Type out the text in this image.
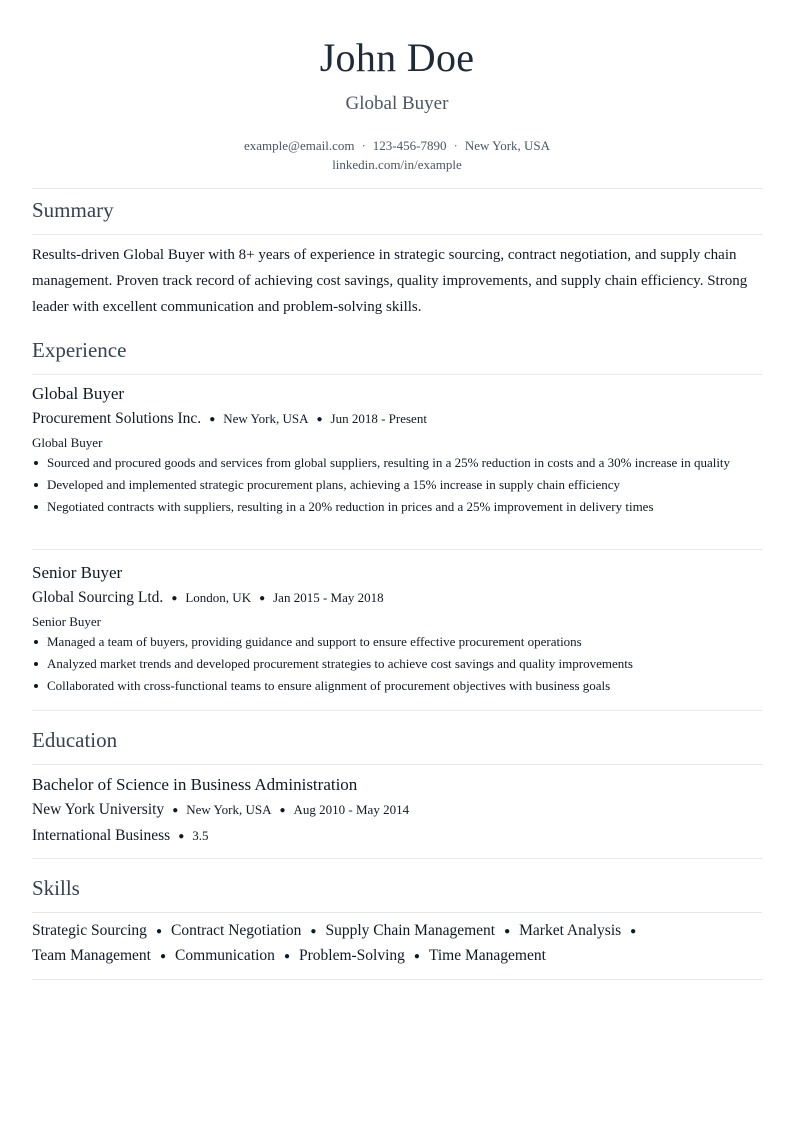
John Doe
Global Buyer
example@email.com · 123-456-7890 · New York, USA
linkedin.com/in/example
Summary
Results-driven Global Buyer with 8+ years of experience in strategic sourcing, contract negotiation, and supply chain management. Proven track record of achieving cost savings, quality improvements, and supply chain efficiency. Strong leader with excellent communication and problem-solving skills.
Experience
Global Buyer
Procurement Solutions Inc. ● New York, USA ● Jun 2018 - Present
Global Buyer
Sourced and procured goods and services from global suppliers, resulting in a 25% reduction in costs and a 30% increase in quality
Developed and implemented strategic procurement plans, achieving a 15% increase in supply chain efficiency
Negotiated contracts with suppliers, resulting in a 20% reduction in prices and a 25% improvement in delivery times
Senior Buyer
Global Sourcing Ltd. ● London, UK ● Jan 2015 - May 2018
Senior Buyer
Managed a team of buyers, providing guidance and support to ensure effective procurement operations
Analyzed market trends and developed procurement strategies to achieve cost savings and quality improvements
Collaborated with cross-functional teams to ensure alignment of procurement objectives with business goals
Education
Bachelor of Science in Business Administration
New York University ● New York, USA ● Aug 2010 - May 2014
International Business ● 3.5
Skills
Strategic Sourcing ● Contract Negotiation ● Supply Chain Management ● Market Analysis ●
Team Management ● Communication ● Problem-Solving ● Time Management
